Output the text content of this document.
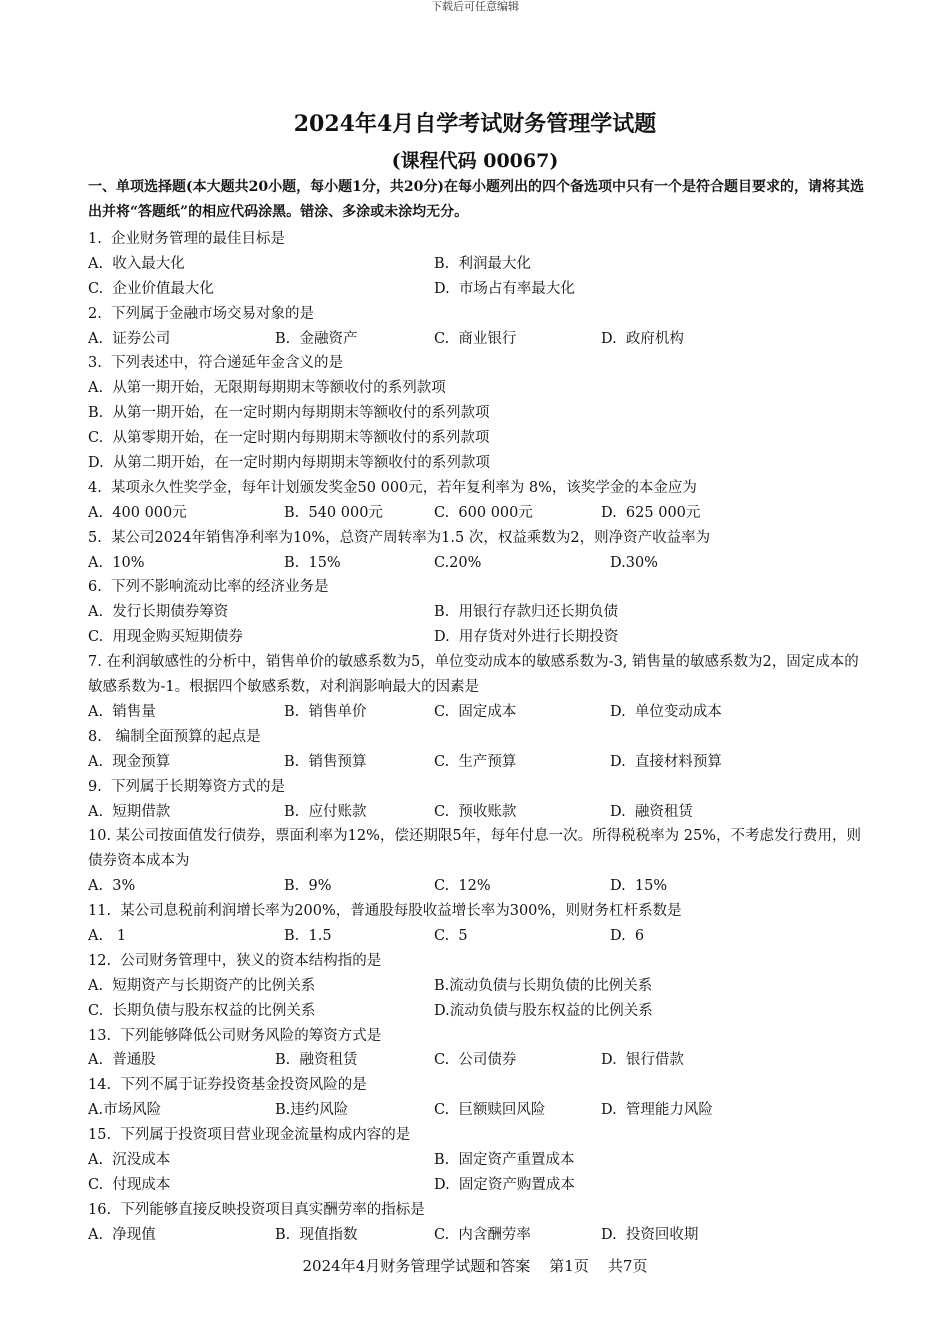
下载后可任意编辑
2024年4月自学考试财务管理学试题
(课程代码 00067)
一、单项选择题(本大题共20小题，每小题1分，共20分)在每小题列出的四个备选项中只有一个是符合题目要求的，请将其选出并将“答题纸”的相应代码涂黑。错涂、多涂或未涂均无分。
1.  企业财务管理的最佳目标是
A.  收入最大化	B.  利润最大化
C.  企业价值最大化	D.  市场占有率最大化
2.  下列属于金融市场交易对象的是
A.  证券公司	B.  金融资产	C.  商业银行	D.  政府机构
3.  下列表述中，符合递延年金含义的是
A.  从第一期开始，无限期每期期末等额收付的系列款项
B.  从第一期开始，在一定时期内每期期末等额收付的系列款项
C.  从第零期开始，在一定时期内每期期末等额收付的系列款项
D.  从第二期开始，在一定时期内每期期末等额收付的系列款项
4.  某项永久性奖学金，每年计划颁发奖金50 000元，若年复利率为 8%，该奖学金的本金应为
A.  400 000元	B.  540 000元	C.  600 000元	D.  625 000元
5.  某公司2024年销售净利率为10%，总资产周转率为1.5 次，权益乘数为2，则净资产收益率为
A.  10%	B.  15%	C.20%	D.30%
6.  下列不影响流动比率的经济业务是
A.  发行长期债券筹资	B.  用银行存款归还长期负债
C.  用现金购买短期债券	D.  用存货对外进行长期投资
7. 在利润敏感性的分析中，销售单价的敏感系数为5，单位变动成本的敏感系数为-3, 销售量的敏感系数为2，固定成本的敏感系数为-1。根据四个敏感系数，对利润影响最大的因素是
A.  销售量	B.  销售单价	C.  固定成本	D.  单位变动成本
8.   编制全面预算的起点是
A.  现金预算	B.  销售预算	C.  生产预算	D.  直接材料预算
9.  下列属于长期筹资方式的是
A.  短期借款	B.  应付账款	C.  预收账款	D.  融资租赁
10. 某公司按面值发行债券，票面利率为12%，偿还期限5年，每年付息一次。所得税税率为 25%，不考虑发行费用，则债券资本成本为
A.  3%	B.  9%	C.  12%	D.  15%
11.  某公司息税前利润增长率为200%，普通股每股收益增长率为300%，则财务杠杆系数是
A.   1	B.  1.5	C.  5	D.  6
12.  公司财务管理中，狭义的资本结构指的是
A.  短期资产与长期资产的比例关系	B.流动负债与长期负债的比例关系
C.  长期负债与股东权益的比例关系	D.流动负债与股东权益的比例关系
13.  下列能够降低公司财务风险的筹资方式是
A.  普通股	B.  融资租赁	C.  公司债券	D.  银行借款
14.  下列不属于证券投资基金投资风险的是
A.市场风险	B.违约风险	C.  巨额赎回风险	D.  管理能力风险
15.  下列属于投资项目营业现金流量构成内容的是
A.  沉没成本	B.  固定资产重置成本
C.  付现成本	D.  固定资产购置成本
16.  下列能够直接反映投资项目真实酬劳率的指标是
A.  净现值	B.  现值指数	C.  内含酬劳率	D.  投资回收期
2024年4月财务管理学试题和答案    第1页    共7页
